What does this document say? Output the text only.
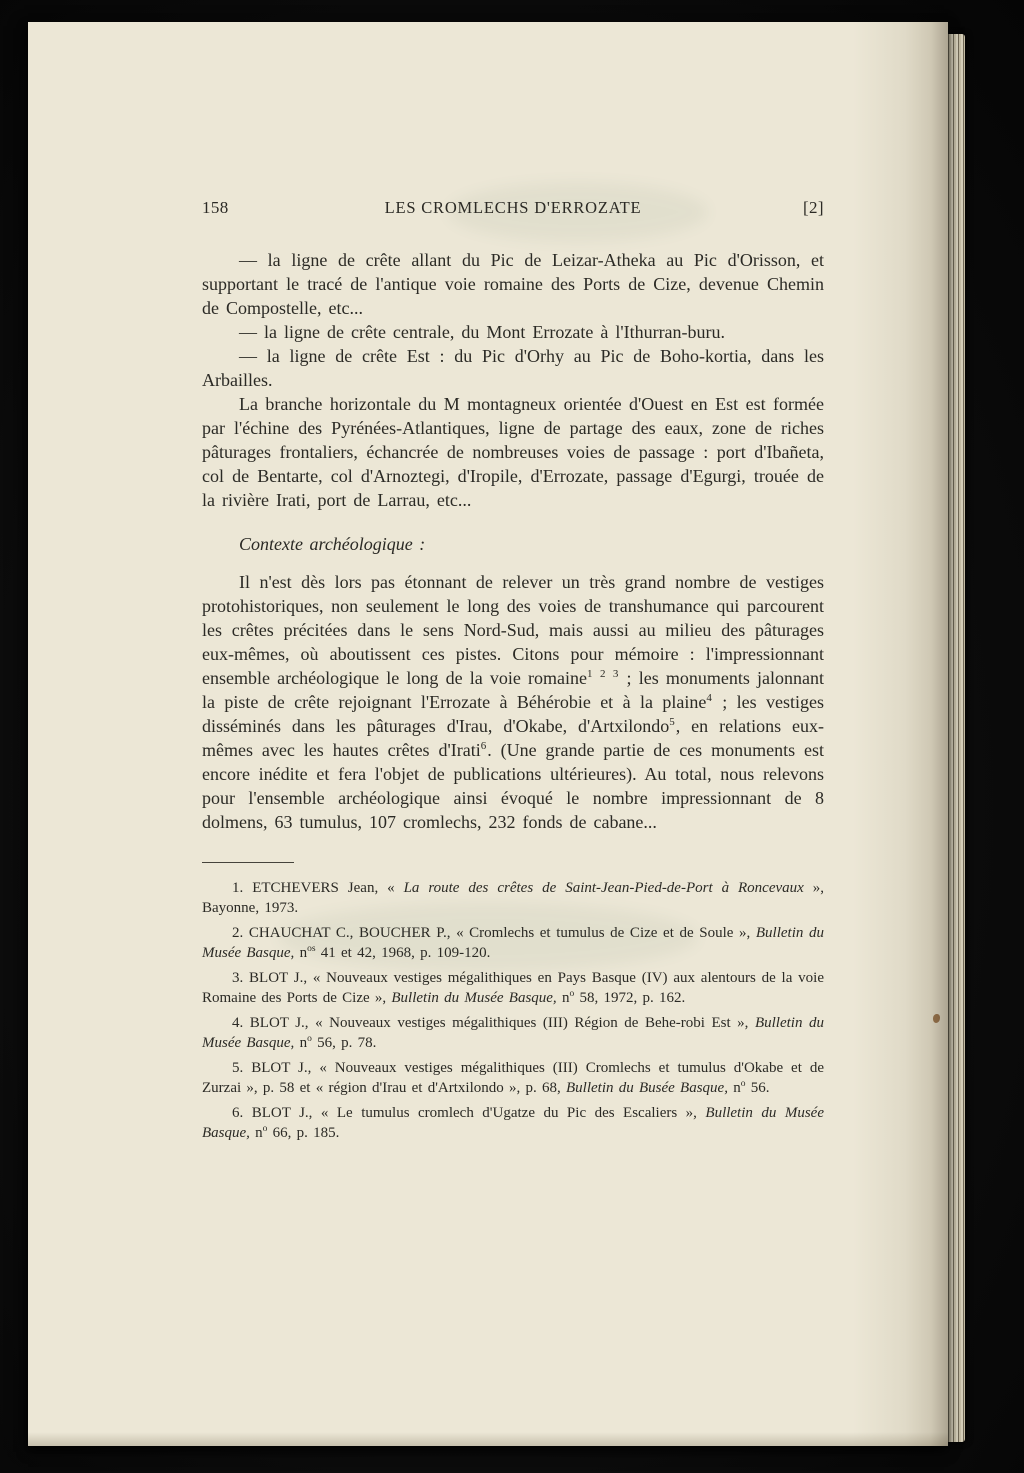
158	LES CROMLECHS D'ERROZATE	[2]

— la ligne de crête allant du Pic de Leizar-Atheka au Pic d'Orisson, et supportant le tracé de l'antique voie romaine des Ports de Cize, devenue Chemin de Compostelle, etc...

— la ligne de crête centrale, du Mont Errozate à l'Ithurran-buru.

— la ligne de crête Est : du Pic d'Orhy au Pic de Boho-kortia, dans les Arbailles.

La branche horizontale du M montagneux orientée d'Ouest en Est est formée par l'échine des Pyrénées-Atlantiques, ligne de partage des eaux, zone de riches pâturages frontaliers, échancrée de nombreuses voies de passage : port d'Ibañeta, col de Bentarte, col d'Arnoztegi, d'Iropile, d'Errozate, passage d'Egurgi, trouée de la rivière Irati, port de Larrau, etc...

Contexte archéologique :

Il n'est dès lors pas étonnant de relever un très grand nombre de vestiges protohistoriques, non seulement le long des voies de transhumance qui parcourent les crêtes précitées dans le sens Nord-Sud, mais aussi au milieu des pâturages eux-mêmes, où aboutissent ces pistes. Citons pour mémoire : l'impressionnant ensemble archéologique le long de la voie romaine$^{1 2 3}$ ; les monuments jalonnant la piste de crête rejoignant l'Errozate à Béhérobie et à la plaine$^4$ ; les vestiges disséminés dans les pâturages d'Irau, d'Okabe, d'Artxilondo$^5$, en relations eux-mêmes avec les hautes crêtes d'Irati$^6$. (Une grande partie de ces monuments est encore inédite et fera l'objet de publications ultérieures). Au total, nous relevons pour l'ensemble archéologique ainsi évoqué le nombre impressionnant de 8 dolmens, 63 tumulus, 107 cromlechs, 232 fonds de cabane...

1. ETCHEVERS Jean, « La route des crêtes de Saint-Jean-Pied-de-Port à Roncevaux », Bayonne, 1973.

2. CHAUCHAT C., BOUCHER P., « Cromlechs et tumulus de Cize et de Soule », Bulletin du Musée Basque, $n^{os}$ 41 et 42, 1968, p. 109-120.

3. BLOT J., « Nouveaux vestiges mégalithiques en Pays Basque (IV) aux alentours de la voie Romaine des Ports de Cize », Bulletin du Musée Basque, $n^o$ 58, 1972, p. 162.

4. BLOT J., « Nouveaux vestiges mégalithiques (III) Région de Behe-robi Est », Bulletin du Musée Basque, $n^o$ 56, p. 78.

5. BLOT J., « Nouveaux vestiges mégalithiques (III) Cromlechs et tumulus d'Okabe et de Zurzai », p. 58 et « région d'Irau et d'Artxilondo », p. 68, Bulletin du Busée Basque, $n^o$ 56.

6. BLOT J., « Le tumulus cromlech d'Ugatze du Pic des Escaliers », Bulletin du Musée Basque, $n^o$ 66, p. 185.
